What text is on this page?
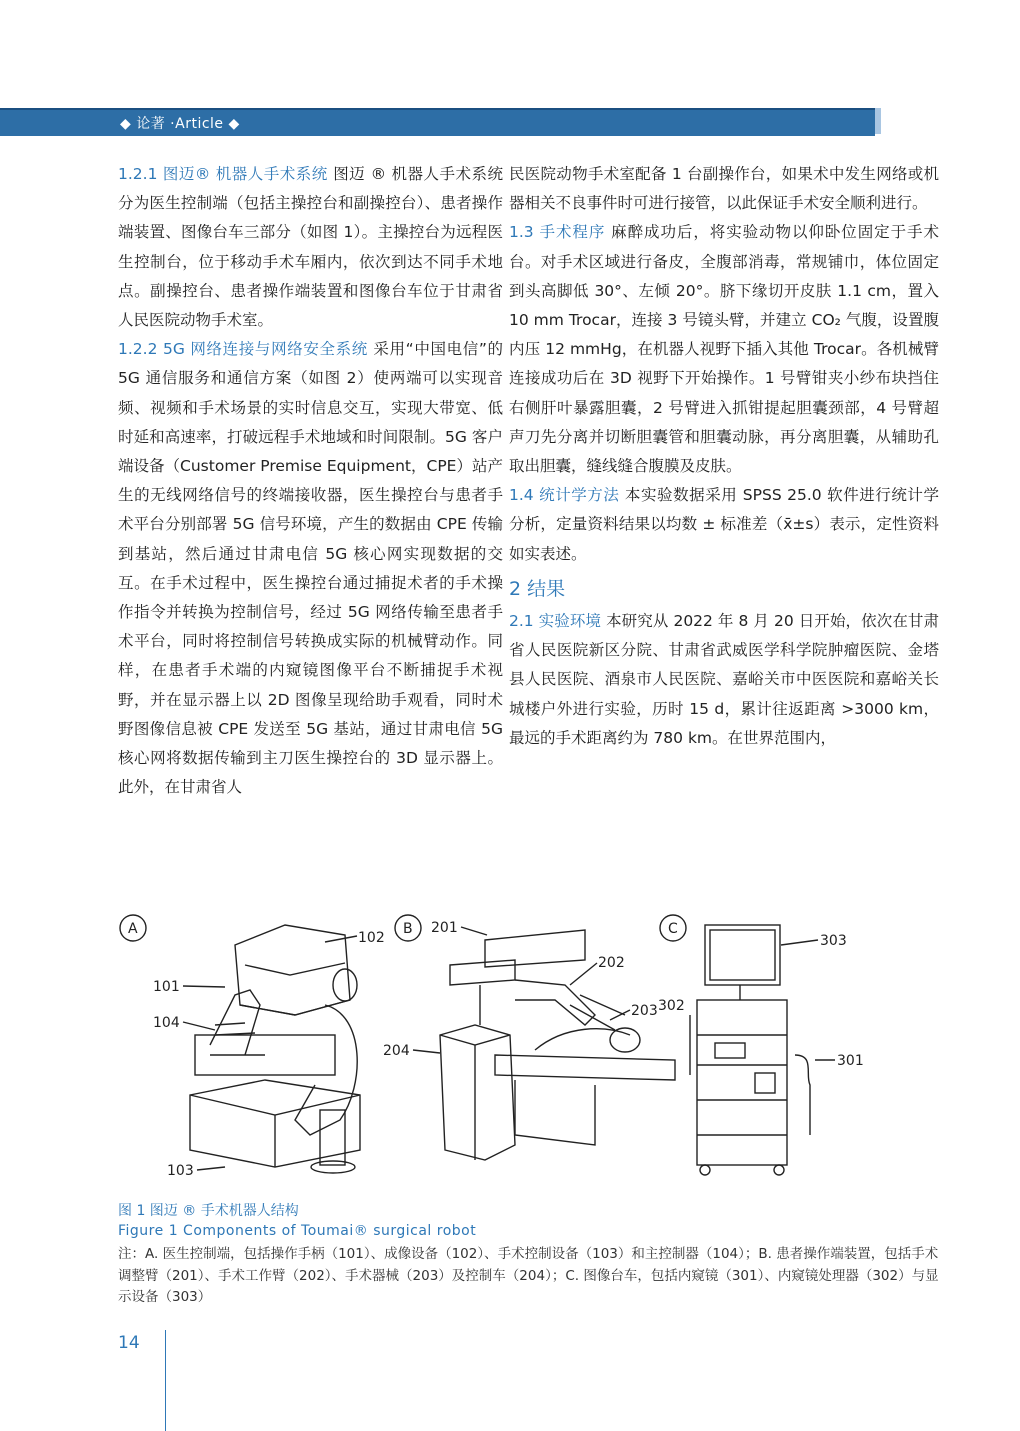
◆ 论著 ·Article ◆

1.2.1 图迈® 机器人手术系统 图迈 ® 机器人手术系统分为医生控制端（包括主操控台和副操控台）、患者操作端装置、图像台车三部分（如图 1）。主操控台为远程医生控制台，位于移动手术车厢内，依次到达不同手术地点。副操控台、患者操作端装置和图像台车位于甘肃省人民医院动物手术室。

1.2.2 5G 网络连接与网络安全系统 采用“中国电信”的 5G 通信服务和通信方案（如图 2）使两端可以实现音频、视频和手术场景的实时信息交互，实现大带宽、低时延和高速率，打破远程手术地域和时间限制。5G 客户端设备（Customer Premise Equipment，CPE）站产生的无线网络信号的终端接收器，医生操控台与患者手术平台分别部署 5G 信号环境，产生的数据由 CPE 传输到基站，然后通过甘肃电信 5G 核心网实现数据的交互。在手术过程中，医生操控台通过捕捉术者的手术操作指令并转换为控制信号，经过 5G 网络传输至患者手术平台，同时将控制信号转换成实际的机械臂动作。同样，在患者手术端的内窥镜图像平台不断捕捉手术视野，并在显示器上以 2D 图像呈现给助手观看，同时术野图像信息被 CPE 发送至 5G 基站，通过甘肃电信 5G 核心网将数据传输到主刀医生操控台的 3D 显示器上。此外，在甘肃省人

民医院动物手术室配备 1 台副操作台，如果术中发生网络或机器相关不良事件时可进行接管，以此保证手术安全顺利进行。

1.3 手术程序 麻醉成功后，将实验动物以仰卧位固定于手术台。对手术区域进行备皮，全腹部消毒，常规铺巾，体位固定到头高脚低 30°、左倾 20°。脐下缘切开皮肤 1.1 cm，置入 10 mm Trocar，连接 3 号镜头臂，并建立 CO₂ 气腹，设置腹内压 12 mmHg，在机器人视野下插入其他 Trocar。各机械臂连接成功后在 3D 视野下开始操作。1 号臂钳夹小纱布块挡住右侧肝叶暴露胆囊，2 号臂进入抓钳提起胆囊颈部，4 号臂超声刀先分离并切断胆囊管和胆囊动脉，再分离胆囊，从辅助孔取出胆囊，缝线缝合腹膜及皮肤。

1.4 统计学方法 本实验数据采用 SPSS 25.0 软件进行统计学分析，定量资料结果以均数 ± 标准差（x̄±s）表示，定性资料如实表述。

2 结果

2.1 实验环境 本研究从 2022 年 8 月 20 日开始，依次在甘肃省人民医院新区分院、甘肃省武威医学科学院肿瘤医院、金塔县人民医院、酒泉市人民医院、嘉峪关市中医医院和嘉峪关长城楼户外进行实验，历时 15 d，累计往返距离 >3000 km，最远的手术距离约为 780 km。在世界范围内，

A
102
101
104
103
B 201
202
203
204
C
303
302
301
图 1 图迈 ® 手术机器人结构
Figure 1 Components of Toumai® surgical robot
注：A. 医生控制端，包括操作手柄（101）、成像设备（102）、手术控制设备（103）和主控制器（104）；B. 患者操作端装置，包括手术调整臂（201）、手术工作臂（202）、手术器械（203）及控制车（204）；C. 图像台车，包括内窥镜（301）、内窥镜处理器（302）与显示设备（303）
14
